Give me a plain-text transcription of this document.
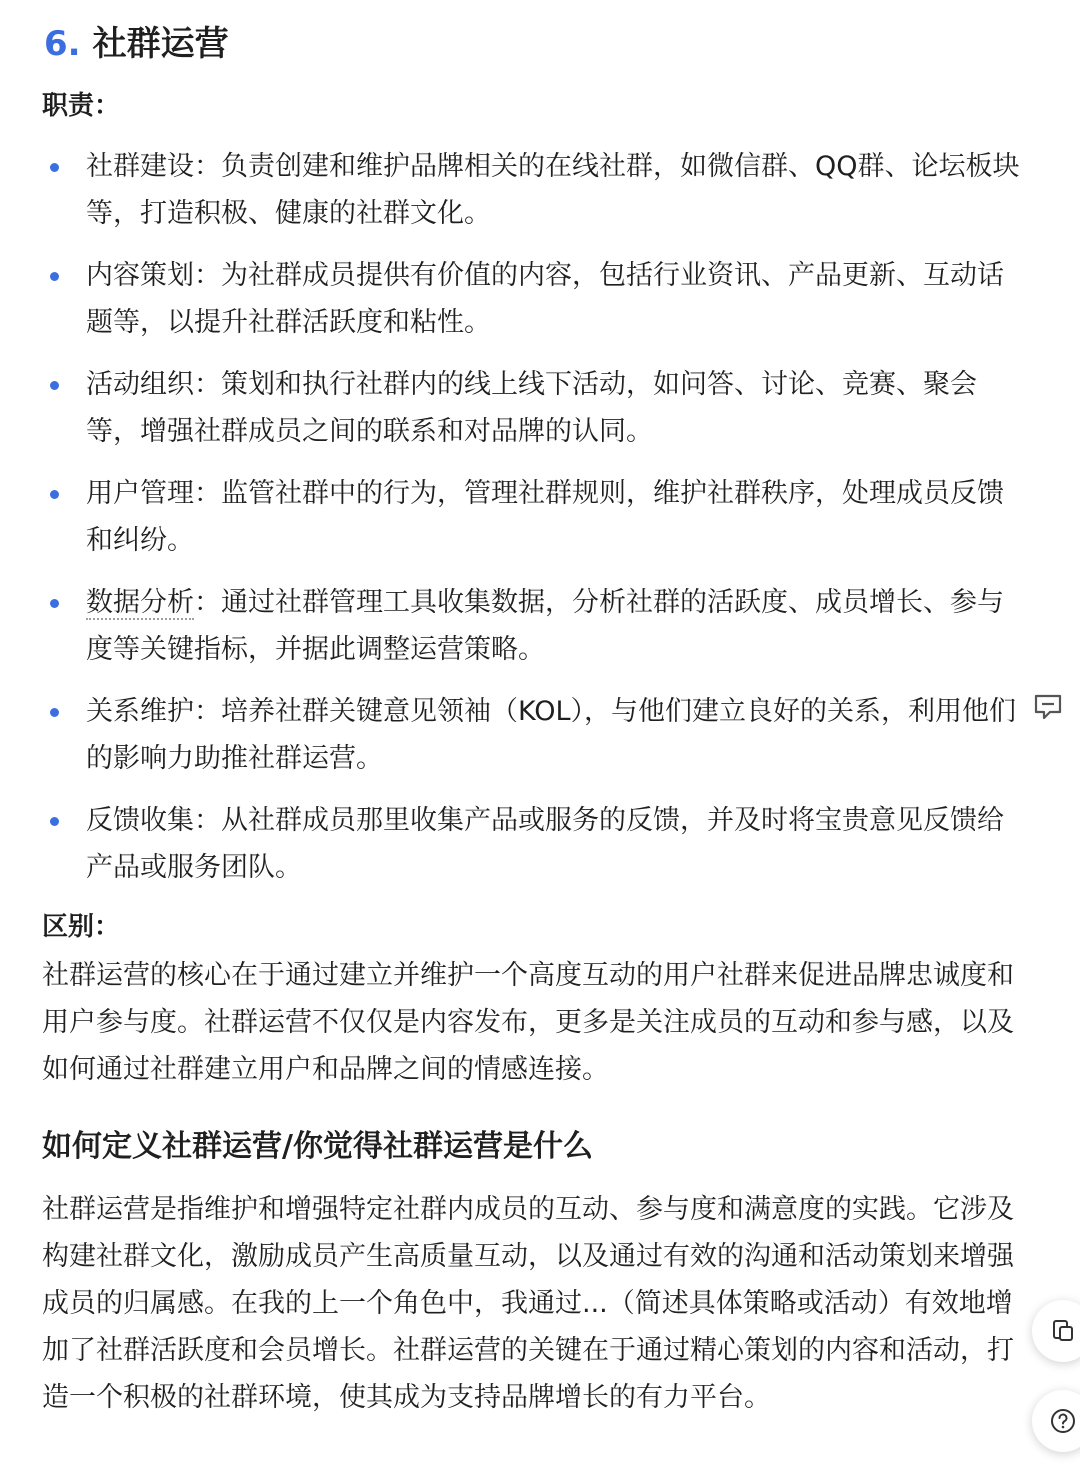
6. 社群运营
职责：
社群建设：负责创建和维护品牌相关的在线社群，如微信群、QQ群、论坛板块等，打造积极、健康的社群文化。
内容策划：为社群成员提供有价值的内容，包括行业资讯、产品更新、互动话题等，以提升社群活跃度和粘性。
活动组织：策划和执行社群内的线上线下活动，如问答、讨论、竞赛、聚会等，增强社群成员之间的联系和对品牌的认同。
用户管理：监管社群中的行为，管理社群规则，维护社群秩序，处理成员反馈和纠纷。
数据分析：通过社群管理工具收集数据，分析社群的活跃度、成员增长、参与度等关键指标，并据此调整运营策略。
关系维护：培养社群关键意见领袖（KOL），与他们建立良好的关系，利用他们的影响力助推社群运营。
反馈收集：从社群成员那里收集产品或服务的反馈，并及时将宝贵意见反馈给产品或服务团队。
区别：

社群运营的核心在于通过建立并维护一个高度互动的用户社群来促进品牌忠诚度和用户参与度。社群运营不仅仅是内容发布，更多是关注成员的互动和参与感，以及如何通过社群建立用户和品牌之间的情感连接。

如何定义社群运营/你觉得社群运营是什么

社群运营是指维护和增强特定社群内成员的互动、参与度和满意度的实践。它涉及构建社群文化，激励成员产生高质量互动，以及通过有效的沟通和活动策划来增强成员的归属感。在我的上一个角色中，我通过...（简述具体策略或活动）有效地增加了社群活跃度和会员增长。社群运营的关键在于通过精心策划的内容和活动，打造一个积极的社群环境，使其成为支持品牌增长的有力平台。
